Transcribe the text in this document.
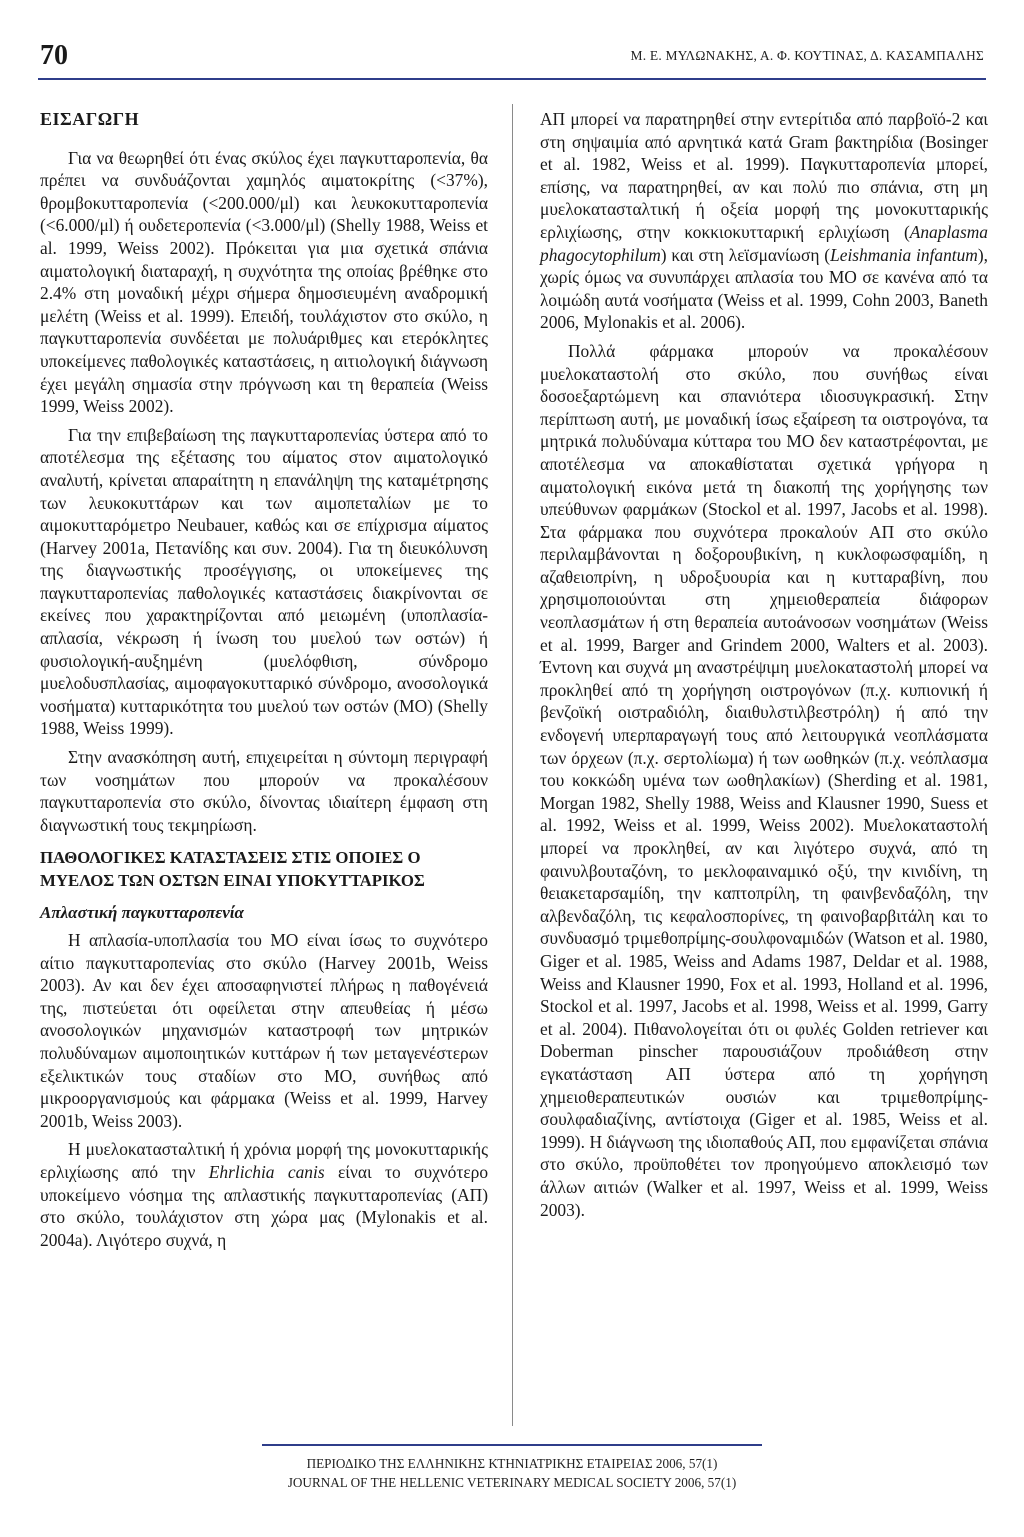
70	Μ. Ε. ΜΥΛΩΝΑΚΗΣ, Α. Φ. ΚΟΥΤΙΝΑΣ, Δ. ΚΑΣΑΜΠΑΛΗΣ
ΕΙΣΑΓΩΓΗ

Για να θεωρηθεί ότι ένας σκύλος έχει παγκυτταροπενία, θα πρέπει να συνδυάζονται χαμηλός αιματοκρίτης (<37%), θρομβοκυτταροπενία (<200.000/μl) και λευκοκυτταροπενία (<6.000/μl) ή ουδετεροπενία (<3.000/μl) (Shelly 1988, Weiss et al. 1999, Weiss 2002). Πρόκειται για μια σχετικά σπάνια αιματολογική διαταραχή, η συχνότητα της οποίας βρέθηκε στο 2.4% στη μοναδική μέχρι σήμερα δημοσιευμένη αναδρομική μελέτη (Weiss et al. 1999). Επειδή, τουλάχιστον στο σκύλο, η παγκυτταροπενία συνδέεται με πολυάριθμες και ετερόκλητες υποκείμενες παθολογικές καταστάσεις, η αιτιολογική διάγνωση έχει μεγάλη σημασία στην πρόγνωση και τη θεραπεία (Weiss 1999, Weiss 2002).

Για την επιβεβαίωση της παγκυτταροπενίας ύστερα από το αποτέλεσμα της εξέτασης του αίματος στον αιματολογικό αναλυτή, κρίνεται απαραίτητη η επανάληψη της καταμέτρησης των λευκοκυττάρων και των αιμοπεταλίων με το αιμοκυτταρόμετρο Neubauer, καθώς και σε επίχρισμα αίματος (Harvey 2001a, Πετανίδης και συν. 2004). Για τη διευκόλυνση της διαγνωστικής προσέγγισης, οι υποκείμενες της παγκυτταροπενίας παθολογικές καταστάσεις διακρίνονται σε εκείνες που χαρακτηρίζονται από μειωμένη (υποπλασία-απλασία, νέκρωση ή ίνωση του μυελού των οστών) ή φυσιολογική-αυξημένη (μυελόφθιση, σύνδρομο μυελοδυσπλασίας, αιμοφαγοκυτταρικό σύνδρομο, ανοσολογικά νοσήματα) κυτταρικότητα του μυελού των οστών (ΜΟ) (Shelly 1988, Weiss 1999).

Στην ανασκόπηση αυτή, επιχειρείται η σύντομη περιγραφή των νοσημάτων που μπορούν να προκαλέσουν παγκυτταροπενία στο σκύλο, δίνοντας ιδιαίτερη έμφαση στη διαγνωστική τους τεκμηρίωση.

ΠΑΘΟΛΟΓΙΚΕΣ ΚΑΤΑΣΤΑΣΕΙΣ ΣΤΙΣ ΟΠΟΙΕΣ Ο ΜΥΕΛΟΣ ΤΩΝ ΟΣΤΩΝ ΕΙΝΑΙ ΥΠΟΚΥΤΤΑΡΙΚΟΣ
Απλαστική παγκυτταροπενία

Η απλασία-υποπλασία του ΜΟ είναι ίσως το συχνότερο αίτιο παγκυτταροπενίας στο σκύλο (Harvey 2001b, Weiss 2003). Αν και δεν έχει αποσαφηνιστεί πλήρως η παθογένειά της, πιστεύεται ότι οφείλεται στην απευθείας ή μέσω ανοσολογικών μηχανισμών καταστροφή των μητρικών πολυδύναμων αιμοποιητικών κυττάρων ή των μεταγενέστερων εξελικτικών τους σταδίων στο ΜΟ, συνήθως από μικροοργανισμούς και φάρμακα (Weiss et al. 1999, Harvey 2001b, Weiss 2003).

Η μυελοκατασταλτική ή χρόνια μορφή της μονοκυτταρικής ερλιχίωσης από την Ehrlichia canis είναι το συχνότερο υποκείμενο νόσημα της απλαστικής παγκυτταροπενίας (ΑΠ) στο σκύλο, τουλάχιστον στη χώρα μας (Mylonakis et al. 2004a). Λιγότερο συχνά, η

ΑΠ μπορεί να παρατηρηθεί στην εντερίτιδα από παρβοϊό-2 και στη σηψαιμία από αρνητικά κατά Gram βακτηρίδια (Bosinger et al. 1982, Weiss et al. 1999). Παγκυτταροπενία μπορεί, επίσης, να παρατηρηθεί, αν και πολύ πιο σπάνια, στη μη μυελοκατασταλτική ή οξεία μορφή της μονοκυτταρικής ερλιχίωσης, στην κοκκιοκυτταρική ερλιχίωση (Anaplasma phagocytophilum) και στη λεϊσμανίωση (Leishmania infantum), χωρίς όμως να συνυπάρχει απλασία του ΜΟ σε κανένα από τα λοιμώδη αυτά νοσήματα (Weiss et al. 1999, Cohn 2003, Baneth 2006, Mylonakis et al. 2006).

Πολλά φάρμακα μπορούν να προκαλέσουν μυελοκαταστολή στο σκύλο, που συνήθως είναι δοσοεξαρτώμενη και σπανιότερα ιδιοσυγκρασική. Στην περίπτωση αυτή, με μοναδική ίσως εξαίρεση τα οιστρογόνα, τα μητρικά πολυδύναμα κύτταρα του ΜΟ δεν καταστρέφονται, με αποτέλεσμα να αποκαθίσταται σχετικά γρήγορα η αιματολογική εικόνα μετά τη διακοπή της χορήγησης των υπεύθυνων φαρμάκων (Stockol et al. 1997, Jacobs et al. 1998). Στα φάρμακα που συχνότερα προκαλούν ΑΠ στο σκύλο περιλαμβάνονται η δοξορουβικίνη, η κυκλοφωσφαμίδη, η αζαθειοπρίνη, η υδροξυουρία και η κυτταραβίνη, που χρησιμοποιούνται στη χημειοθεραπεία διάφορων νεοπλασμάτων ή στη θεραπεία αυτοάνοσων νοσημάτων (Weiss et al. 1999, Barger and Grindem 2000, Walters et al. 2003). Έντονη και συχνά μη αναστρέψιμη μυελοκαταστολή μπορεί να προκληθεί από τη χορήγηση οιστρογόνων (π.χ. κυπιονική ή βενζοϊκή οιστραδιόλη, διαιθυλστιλβεστρόλη) ή από την ενδογενή υπερπαραγωγή τους από λειτουργικά νεοπλάσματα των όρχεων (π.χ. σερτολίωμα) ή των ωοθηκών (π.χ. νεόπλασμα του κοκκώδη υμένα των ωοθηλακίων) (Sherding et al. 1981, Morgan 1982, Shelly 1988, Weiss and Klausner 1990, Suess et al. 1992, Weiss et al. 1999, Weiss 2002). Μυελοκαταστολή μπορεί να προκληθεί, αν και λιγότερο συχνά, από τη φαινυλβουταζόνη, το μεκλοφαιναμικό οξύ, την κινιδίνη, τη θειακεταρσαμίδη, την καπτοπρίλη, τη φαινβενδαζόλη, την αλβενδαζόλη, τις κεφαλοσπορίνες, τη φαινοβαρβιτάλη και το συνδυασμό τριμεθοπρίμης-σουλφοναμιδών (Watson et al. 1980, Giger et al. 1985, Weiss and Adams 1987, Deldar et al. 1988, Weiss and Klausner 1990, Fox et al. 1993, Holland et al. 1996, Stockol et al. 1997, Jacobs et al. 1998, Weiss et al. 1999, Garry et al. 2004). Πιθανολογείται ότι οι φυλές Golden retriever και Doberman pinscher παρουσιάζουν προδιάθεση στην εγκατάσταση ΑΠ ύστερα από τη χορήγηση χημειοθεραπευτικών ουσιών και τριμεθοπρίμης-σουλφαδιαζίνης, αντίστοιχα (Giger et al. 1985, Weiss et al. 1999). Η διάγνωση της ιδιοπαθούς ΑΠ, που εμφανίζεται σπάνια στο σκύλο, προϋποθέτει τον προηγούμενο αποκλεισμό των άλλων αιτιών (Walker et al. 1997, Weiss et al. 1999, Weiss 2003).

ΠΕΡΙΟΔΙΚΟ ΤΗΣ ΕΛΛΗΝΙΚΗΣ ΚΤΗΝΙΑΤΡΙΚΗΣ ΕΤΑΙΡΕΙΑΣ 2006, 57(1)
JOURNAL OF THE HELLENIC VETERINARY MEDICAL SOCIETY 2006, 57(1)
